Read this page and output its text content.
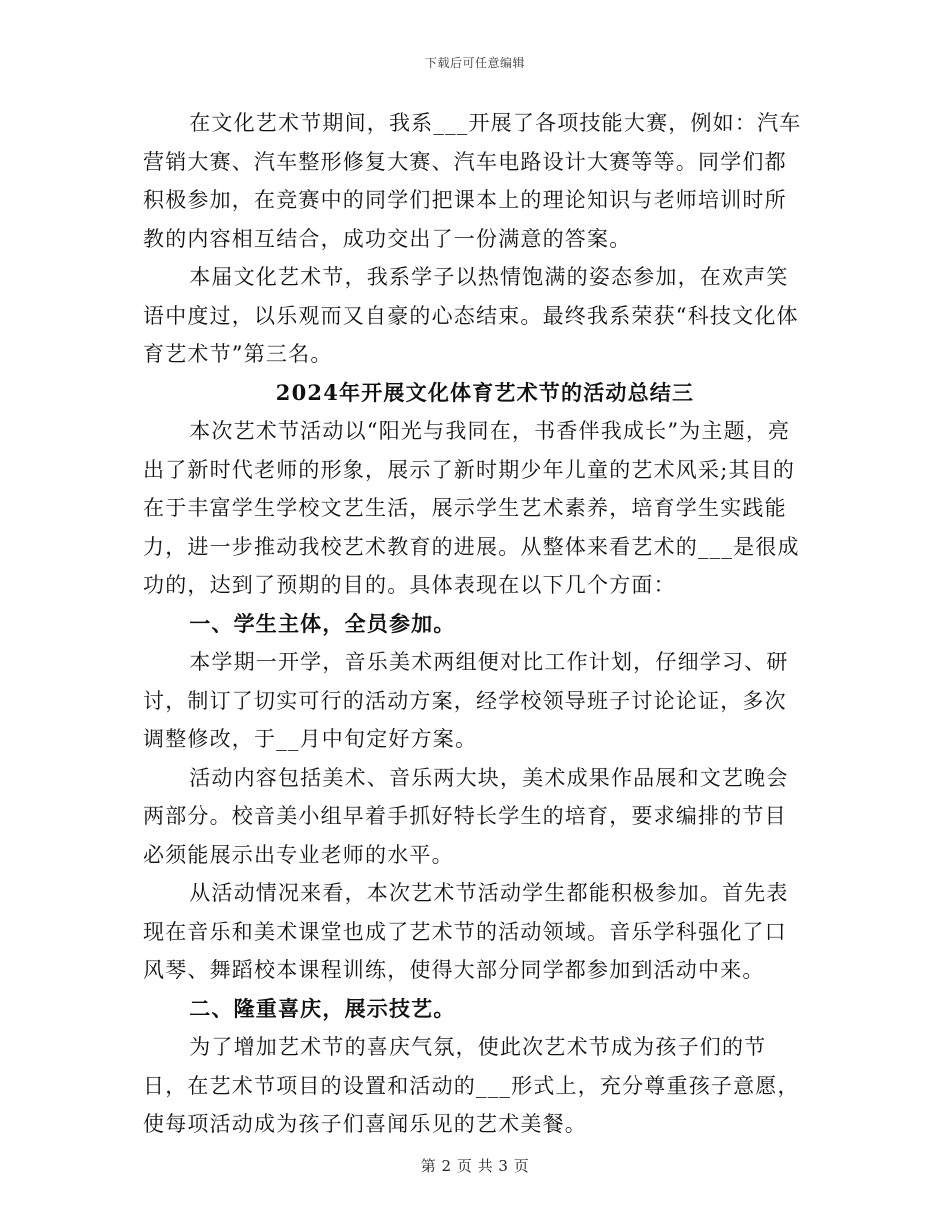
下载后可任意编辑

在文化艺术节期间，我系___开展了各项技能大赛，例如：汽车营销大赛、汽车整形修复大赛、汽车电路设计大赛等等。同学们都积极参加，在竞赛中的同学们把课本上的理论知识与老师培训时所教的内容相互结合，成功交出了一份满意的答案。

本届文化艺术节，我系学子以热情饱满的姿态参加，在欢声笑语中度过，以乐观而又自豪的心态结束。最终我系荣获“科技文化体育艺术节”第三名。

2024年开展文化体育艺术节的活动总结三

本次艺术节活动以“阳光与我同在，书香伴我成长”为主题，亮出了新时代老师的形象，展示了新时期少年儿童的艺术风采;其目的在于丰富学生学校文艺生活，展示学生艺术素养，培育学生实践能力，进一步推动我校艺术教育的进展。从整体来看艺术的___是很成功的，达到了预期的目的。具体表现在以下几个方面：

一、学生主体，全员参加。

本学期一开学，音乐美术两组便对比工作计划，仔细学习、研讨，制订了切实可行的活动方案，经学校领导班子讨论论证，多次调整修改，于__月中旬定好方案。

活动内容包括美术、音乐两大块，美术成果作品展和文艺晚会两部分。校音美小组早着手抓好特长学生的培育，要求编排的节目必须能展示出专业老师的水平。

从活动情况来看，本次艺术节活动学生都能积极参加。首先表现在音乐和美术课堂也成了艺术节的活动领域。音乐学科强化了口风琴、舞蹈校本课程训练，使得大部分同学都参加到活动中来。

二、隆重喜庆，展示技艺。

为了增加艺术节的喜庆气氛，使此次艺术节成为孩子们的节日，在艺术节项目的设置和活动的___形式上，充分尊重孩子意愿，使每项活动成为孩子们喜闻乐见的艺术美餐。

第 2 页 共 3 页
